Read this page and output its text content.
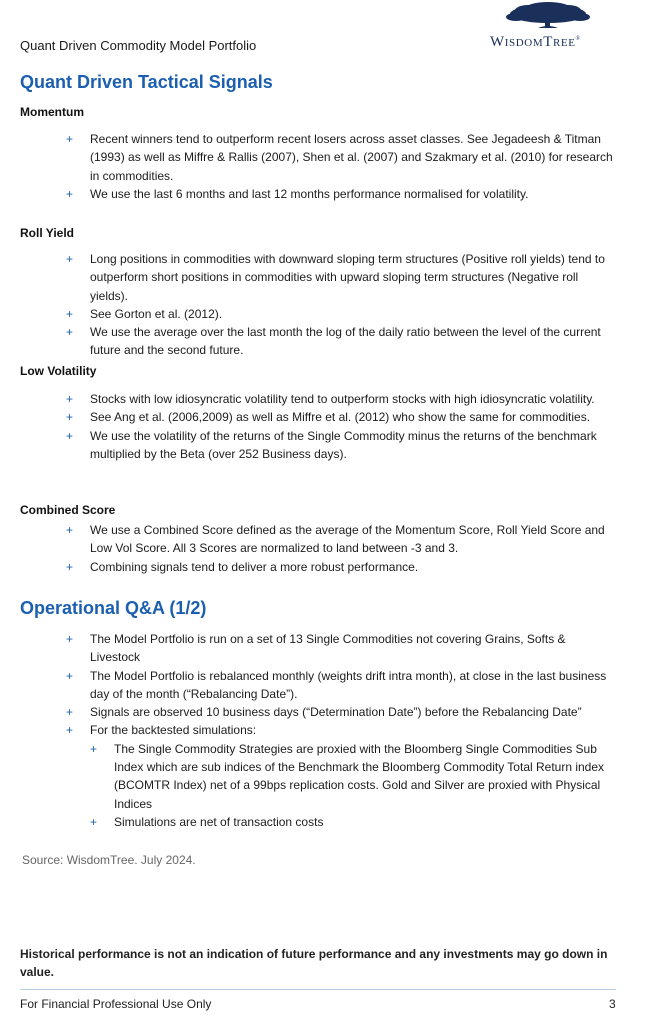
Quant Driven Commodity Model Portfolio	WisdomTree®
Quant Driven Tactical Signals
Momentum
+ Recent winners tend to outperform recent losers across asset classes. See Jegadeesh & Titman (1993) as well as Miffre & Rallis (2007), Shen et al. (2007) and Szakmary et al. (2010) for research in commodities.
+ We use the last 6 months and last 12 months performance normalised for volatility.
Roll Yield
+ Long positions in commodities with downward sloping term structures (Positive roll yields) tend to outperform short positions in commodities with upward sloping term structures (Negative roll yields).
+ See Gorton et al. (2012).
+ We use the average over the last month the log of the daily ratio between the level of the current future and the second future.
Low Volatility
+ Stocks with low idiosyncratic volatility tend to outperform stocks with high idiosyncratic volatility.
+ See Ang et al. (2006,2009) as well as Miffre et al. (2012) who show the same for commodities.
+ We use the volatility of the returns of the Single Commodity minus the returns of the benchmark multiplied by the Beta (over 252 Business days).
Combined Score
+ We use a Combined Score defined as the average of the Momentum Score, Roll Yield Score and Low Vol Score. All 3 Scores are normalized to land between -3 and 3.
+ Combining signals tend to deliver a more robust performance.
Operational Q&A (1/2)
+ The Model Portfolio is run on a set of 13 Single Commodities not covering Grains, Softs & Livestock
+ The Model Portfolio is rebalanced monthly (weights drift intra month), at close in the last business day of the month (“Rebalancing Date”).
+ Signals are observed 10 business days (“Determination Date”) before the Rebalancing Date”
+ For the backtested simulations:
+ The Single Commodity Strategies are proxied with the Bloomberg Single Commodities Sub Index which are sub indices of the Benchmark the Bloomberg Commodity Total Return index (BCOMTR Index) net of a 99bps replication costs. Gold and Silver are proxied with Physical Indices
+ Simulations are net of transaction costs
Source: WisdomTree. July 2024.
Historical performance is not an indication of future performance and any investments may go down in value.
For Financial Professional Use Only	3
